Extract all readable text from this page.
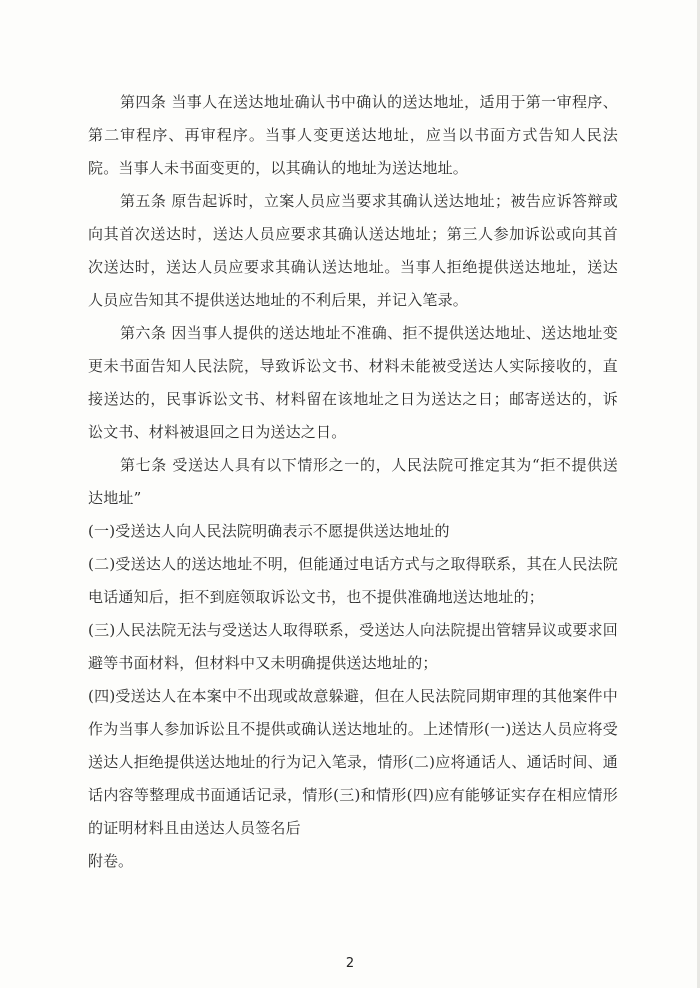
第四条 当事人在送达地址确认书中确认的送达地址，适用于第一审程序、第二审程序、再审程序。当事人变更送达地址，应当以书面方式告知人民法院。当事人未书面变更的，以其确认的地址为送达地址。

第五条 原告起诉时，立案人员应当要求其确认送达地址；被告应诉答辩或向其首次送达时，送达人员应要求其确认送达地址；第三人参加诉讼或向其首次送达时，送达人员应要求其确认送达地址。当事人拒绝提供送达地址，送达人员应告知其不提供送达地址的不利后果，并记入笔录。

第六条 因当事人提供的送达地址不准确、拒不提供送达地址、送达地址变更未书面告知人民法院，导致诉讼文书、材料未能被受送达人实际接收的，直接送达的，民事诉讼文书、材料留在该地址之日为送达之日；邮寄送达的，诉讼文书、材料被退回之日为送达之日。

第七条 受送达人具有以下情形之一的，人民法院可推定其为“拒不提供送达地址”

(一)受送达人向人民法院明确表示不愿提供送达地址的

(二)受送达人的送达地址不明，但能通过电话方式与之取得联系，其在人民法院电话通知后，拒不到庭领取诉讼文书，也不提供准确地送达地址的；

(三)人民法院无法与受送达人取得联系，受送达人向法院提出管辖异议或要求回避等书面材料，但材料中又未明确提供送达地址的；

(四)受送达人在本案中不出现或故意躲避，但在人民法院同期审理的其他案件中作为当事人参加诉讼且不提供或确认送达地址的。上述情形(一)送达人员应将受送达人拒绝提供送达地址的行为记入笔录，情形(二)应将通话人、通话时间、通话内容等整理成书面通话记录，情形(三)和情形(四)应有能够证实存在相应情形的证明材料且由送达人员签名后

附卷。

2
